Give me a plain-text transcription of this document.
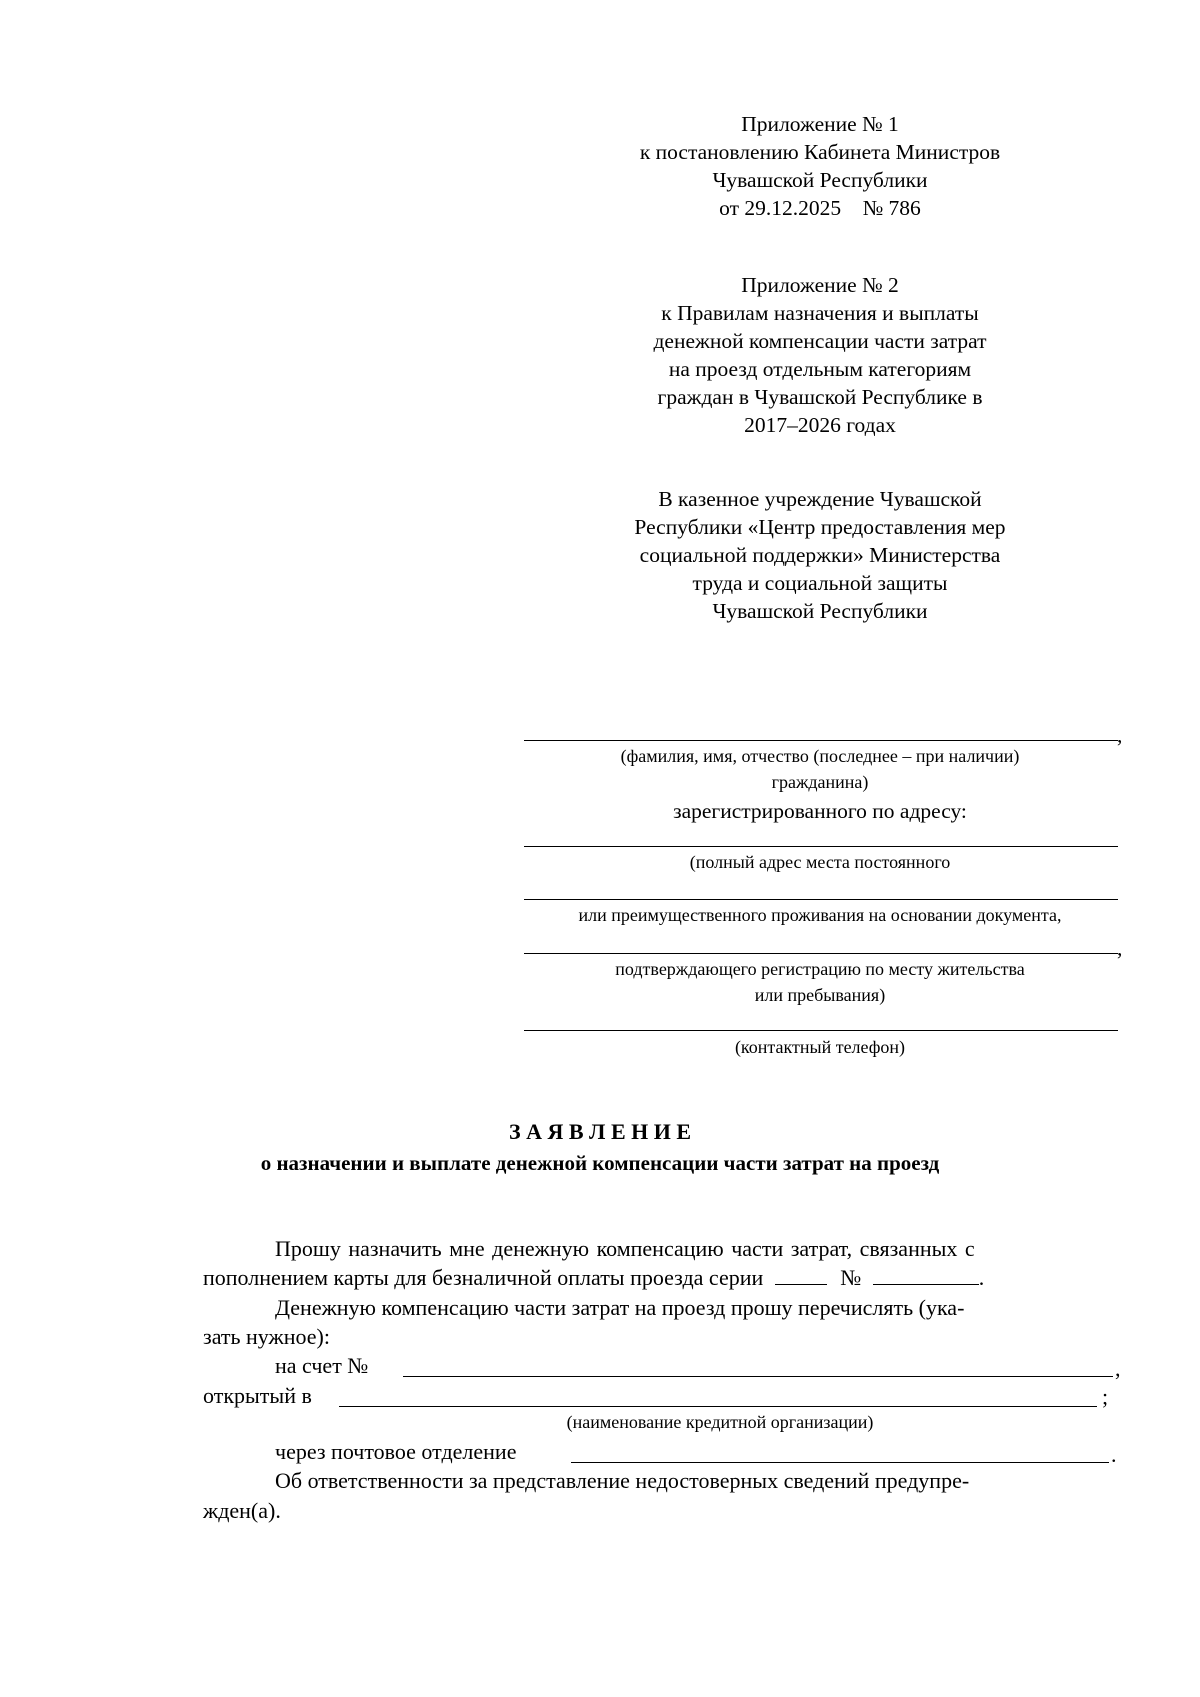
Приложение № 1
к постановлению Кабинета Министров
Чувашской Республики
от 29.12.2025    № 786
Приложение № 2
к Правилам назначения и выплаты
денежной компенсации части затрат
на проезд отдельным категориям
граждан в Чувашской Республике в
2017–2026 годах
В казенное учреждение Чувашской
Республики «Центр предоставления мер
социальной поддержки» Министерства
труда и социальной защиты
Чувашской Республики
,
(фамилия, имя, отчество (последнее – при наличии)
гражданина)
зарегистрированного по адресу:
(полный адрес места постоянного
или преимущественного проживания на основании документа,
,
подтверждающего регистрацию по месту жительства
или пребывания)
(контактный телефон)
З А Я В Л Е Н И Е
о назначении и выплате денежной компенсации части затрат на проезд
Прошу назначить мне денежную компенсацию части затрат, связанных с
пополнением карты для безналичной оплаты проезда серии	№	.
Денежную компенсацию части затрат на проезд прошу перечислять (ука-
зать нужное):
на счет №	,
открытый в	;
(наименование кредитной организации)
через почтовое отделение	.
Об ответственности за представление недостоверных сведений предупре-
жден(а).
